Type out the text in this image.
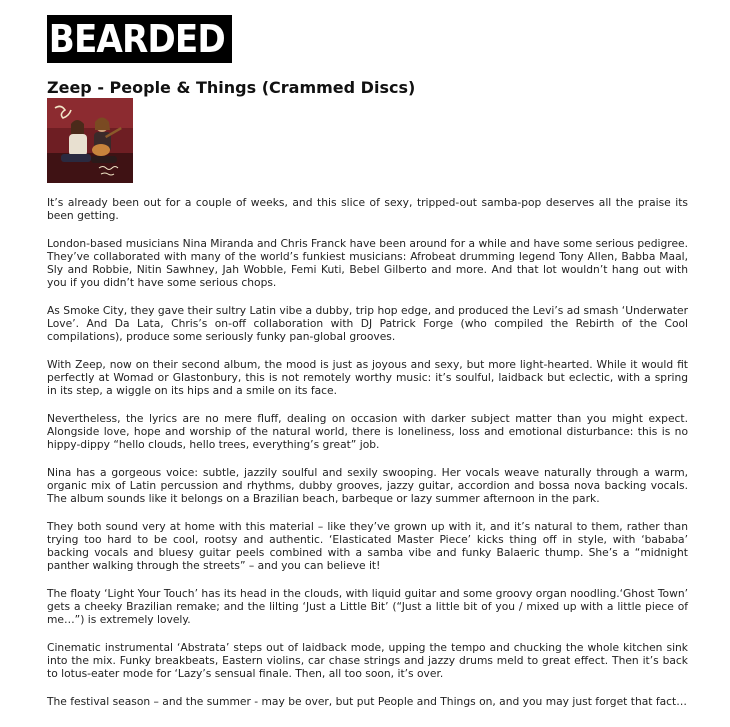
BEARDED
Zeep - People & Things (Crammed Discs)

It’s already been out for a couple of weeks, and this slice of sexy, tripped-out samba-pop deserves all the praise its been getting.

London-based musicians Nina Miranda and Chris Franck have been around for a while and have some serious pedigree. They’ve collaborated with many of the world’s funkiest musicians: Afrobeat drumming legend Tony Allen, Babba Maal, Sly and Robbie, Nitin Sawhney, Jah Wobble, Femi Kuti, Bebel Gilberto and more. And that lot wouldn’t hang out with you if you didn’t have some serious chops.

As Smoke City, they gave their sultry Latin vibe a dubby, trip hop edge, and produced the Levi’s ad smash ‘Underwater Love’. And Da Lata, Chris’s on-off collaboration with DJ Patrick Forge (who compiled the Rebirth of the Cool compilations), produce some seriously funky pan-global grooves.

With Zeep, now on their second album, the mood is just as joyous and sexy, but more light-hearted. While it would fit perfectly at Womad or Glastonbury, this is not remotely worthy music: it’s soulful, laidback but eclectic, with a spring in its step, a wiggle on its hips and a smile on its face.

Nevertheless, the lyrics are no mere fluff, dealing on occasion with darker subject matter than you might expect. Alongside love, hope and worship of the natural world, there is loneliness, loss and emotional disturbance: this is no hippy-dippy “hello clouds, hello trees, everything’s great” job.

Nina has a gorgeous voice: subtle, jazzily soulful and sexily swooping. Her vocals weave naturally through a warm, organic mix of Latin percussion and rhythms, dubby grooves, jazzy guitar, accordion and bossa nova backing vocals. The album sounds like it belongs on a Brazilian beach, barbeque or lazy summer afternoon in the park.

They both sound very at home with this material – like they’ve grown up with it, and it’s natural to them, rather than trying too hard to be cool, rootsy and authentic. ‘Elasticated Master Piece’ kicks thing off in style, with ‘bababa’ backing vocals and bluesy guitar peels combined with a samba vibe and funky Balaeric thump. She’s a “midnight panther walking through the streets” – and you can believe it!

The floaty ‘Light Your Touch’ has its head in the clouds, with liquid guitar and some groovy organ noodling.‘Ghost Town’ gets a cheeky Brazilian remake; and the lilting ‘Just a Little Bit’ (“Just a little bit of you / mixed up with a little piece of me…”) is extremely lovely.

Cinematic instrumental ‘Abstrata’ steps out of laidback mode, upping the tempo and chucking the whole kitchen sink into the mix. Funky breakbeats, Eastern violins, car chase strings and jazzy drums meld to great effect. Then it’s back to lotus-eater mode for ‘Lazy’s sensual finale. Then, all too soon, it’s over.

The festival season – and the summer - may be over, but put People and Things on, and you may just forget that fact…
